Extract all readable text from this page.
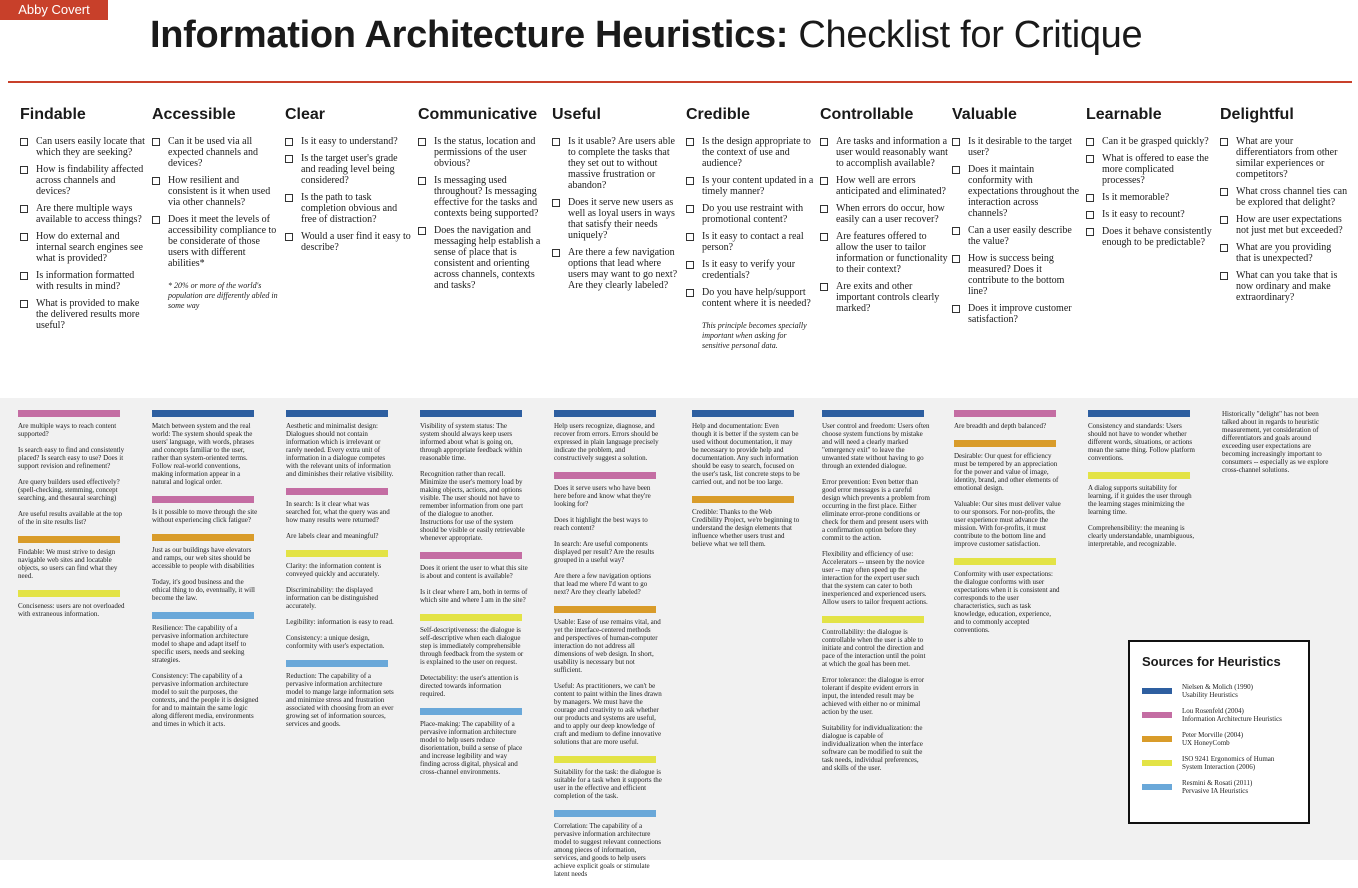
Abby Covert
Information Architecture Heuristics: Checklist for Critique
Findable
Can users easily locate that which they are seeking?
How is findability affected across channels and devices?
Are there multiple ways available to access things?
How do external and internal search engines see what is provided?
Is information formatted with results in mind?
What is provided to make the delivered results more useful?
Accessible
Can it be used via all expected channels and devices?
How resilient and consistent is it when used via other channels?
Does it meet the levels of accessibility compliance to be considerate of those users with different abilities*
* 20% or more of the world's population are differently abled in some way
Clear
Is it easy to understand?
Is the target user's grade and reading level being considered?
Is the path to task completion obvious and free of distraction?
Would a user find it easy to describe?
Communicative
Is the status, location and permissions of the user obvious?
Is messaging used throughout? Is messaging effective for the tasks and contexts being supported?
Does the navigation and messaging help establish a sense of place that is consistent and orienting across channels, contexts and tasks?
Useful
Is it usable? Are users able to complete the tasks that they set out to without massive frustration or abandon?
Does it serve new users as well as loyal users in ways that satisfy their needs uniquely?
Are there a few navigation options that lead where users may want to go next? Are they clearly labeled?
Credible
Is the design appropriate to the context of use and audience?
Is your content updated in a timely manner?
Do you use restraint with promotional content?
Is it easy to contact a real person?
Is it easy to verify your credentials?
Do you have help/support content where it is needed?
This principle becomes specially important when asking for sensitive personal data.
Controllable
Are tasks and information a user would reasonably want to accomplish available?
How well are errors anticipated and eliminated?
When errors do occur, how easily can a user recover?
Are features offered to allow the user to tailor information or functionality to their context?
Are exits and other important controls clearly marked?
Valuable
Is it desirable to the target user?
Does it maintain conformity with expectations throughout the interaction across channels?
Can a user easily describe the value?
How is success being measured? Does it contribute to the bottom line?
Does it improve customer satisfaction?
Learnable
Can it be grasped quickly?
What is offered to ease the more complicated processes?
Is it memorable?
Is it easy to recount?
Does it behave consistently enough to be predictable?
Delightful
What are your differentiators from other similar experiences or competitors?
What cross channel ties can be explored that delight?
How are user expectations not just met but exceeded?
What are you providing that is unexpected?
What can you take that is now ordinary and make extraordinary?

Are multiple ways to reach content supported?

Is search easy to find and consistently placed? Is search easy to use? Does it support revision and refinement?

Are query builders used effectively? (spell-checking, stemming, concept searching, and thesaural searching)

Are useful results available at the top of the in site results list?

Findable: We must strive to design navigable web sites and locatable objects, so users can find what they need.

Conciseness: users are not overloaded with extraneous information.

Match between system and the real world: The system should speak the users' language, with words, phrases and concepts familiar to the user, rather than system-oriented terms. Follow real-world conventions, making information appear in a natural and logical order.

Is it possible to move through the site without experiencing click fatigue?

Just as our buildings have elevators and ramps, our web sites should be accessible to people with disabilities

Today, it's good business and the ethical thing to do, eventually, it will become the law.

Resilience: The capability of a pervasive information architecture model to shape and adapt itself to specific users, needs and seeking strategies.

Consistency: The capability of a pervasive information architecture model to suit the purposes, the contexts, and the people it is designed for and to maintain the same logic along different media, environments and times in which it acts.

Aesthetic and minimalist design: Dialogues should not contain information which is irrelevant or rarely needed. Every extra unit of information in a dialogue competes with the relevant units of information and diminishes their relative visibility.

In search: Is it clear what was searched for, what the query was and how many results were returned?

Are labels clear and meaningful?

Clarity: the information content is conveyed quickly and accurately.

Discriminability: the displayed information can be distinguished accurately.

Legibility: information is easy to read.

Consistency: a unique design, conformity with user's expectation.

Reduction: The capability of a pervasive information architecture model to mange large information sets and minimize stress and frustration associated with choosing from an ever growing set of information sources, services and goods.

Visibility of system status: The system should always keep users informed about what is going on, through appropriate feedback within reasonable time.

Recognition rather than recall. Minimize the user's memory load by making objects, actions, and options visible. The user should not have to remember information from one part of the dialogue to another. Instructions for use of the system should be visible or easily retrievable whenever appropriate.

Does it orient the user to what this site is about and content is available?

Is it clear where I am, both in terms of which site and where I am in the site?

Self-descriptiveness: the dialogue is self-descriptive when each dialogue step is immediately comprehensible through feedback from the system or is explained to the user on request.

Detectability: the user's attention is directed towards information required.

Place-making: The capability of a pervasive information architecture model to help users reduce disorientation, build a sense of place and increase legibility and way finding across digital, physical and cross-channel environments.

Help users recognize, diagnose, and recover from errors. Errors should be expressed in plain language precisely indicate the problem, and constructively suggest a solution.

Does it serve users who have been here before and know what they're looking for?

Does it highlight the best ways to reach content?

In search: Are useful components displayed per result? Are the results grouped in a useful way?

Are there a few navigation options that lead me where I'd want to go next? Are they clearly labeled?

Usable: Ease of use remains vital, and yet the interface-centered methods and perspectives of human-computer interaction do not address all dimensions of web design. In short, usability is necessary but not sufficient.

Useful: As practitioners, we can't be content to paint within the lines drawn by managers. We must have the courage and creativity to ask whether our products and systems are useful, and to apply our deep knowledge of craft and medium to define innovative solutions that are more useful.

Suitability for the task: the dialogue is suitable for a task when it supports the user in the effective and efficient completion of the task.

Correlation: The capability of a pervasive information architecture model to suggest relevant connections among pieces of information, services, and goods to help users achieve explicit goals or stimulate latent needs

Help and documentation: Even though it is better if the system can be used without documentation, it may be necessary to provide help and documentation. Any such information should be easy to search, focused on the user's task, list concrete steps to be carried out, and not be too large.

Credible: Thanks to the Web Credibility Project, we're beginning to understand the design elements that influence whether users trust and believe what we tell them.

User control and freedom: Users often choose system functions by mistake and will need a clearly marked "emergency exit" to leave the unwanted state without having to go through an extended dialogue.

Error prevention: Even better than good error messages is a careful design which prevents a problem from occurring in the first place. Either eliminate error-prone conditions or check for them and present users with a confirmation option before they commit to the action.

Flexibility and efficiency of use: Accelerators -- unseen by the novice user -- may often speed up the interaction for the expert user such that the system can cater to both inexperienced and experienced users. Allow users to tailor frequent actions.

Controllability: the dialogue is controllable when the user is able to initiate and control the direction and pace of the interaction until the point at which the goal has been met.

Error tolerance: the dialogue is error tolerant if despite evident errors in input, the intended result may be achieved with either no or minimal action by the user.

Suitability for individualization: the dialogue is capable of individualization when the interface software can be modified to suit the task needs, individual preferences, and skills of the user.

Are breadth and depth balanced?

Desirable: Our quest for efficiency must be tempered by an appreciation for the power and value of image, identity, brand, and other elements of emotional design.

Valuable: Our sites must deliver value to our sponsors. For non-profits, the user experience must advance the mission. With for-profits, it must contribute to the bottom line and improve customer satisfaction.

Conformity with user expectations: the dialogue conforms with user expectations when it is consistent and corresponds to the user characteristics, such as task knowledge, education, experience, and to commonly accepted conventions.

Consistency and standards: Users should not have to wonder whether different words, situations, or actions mean the same thing. Follow platform conventions.

A dialog supports suitability for learning, if it guides the user through the learning stages minimizing the learning time.

Comprehensibility: the meaning is clearly understandable, unambiguous, interpretable, and recognizable.

Historically "delight" has not been talked about in regards to heuristic measurement, yet consideration of differentiators and goals around exceeding user expectations are becoming increasingly important to consumers -- especially as we explore cross-channel solutions.

Sources for Heuristics
Nielsen & Molich (1990)
Usability Heuristics
Lou Rosenfeld (2004)
Information Architecture Heuristics
Peter Morville (2004)
UX HoneyComb
ISO 9241 Ergonomics of Human
System Interaction (2006)
Resmini & Rosati (2011)
Pervasive IA Heuristics
